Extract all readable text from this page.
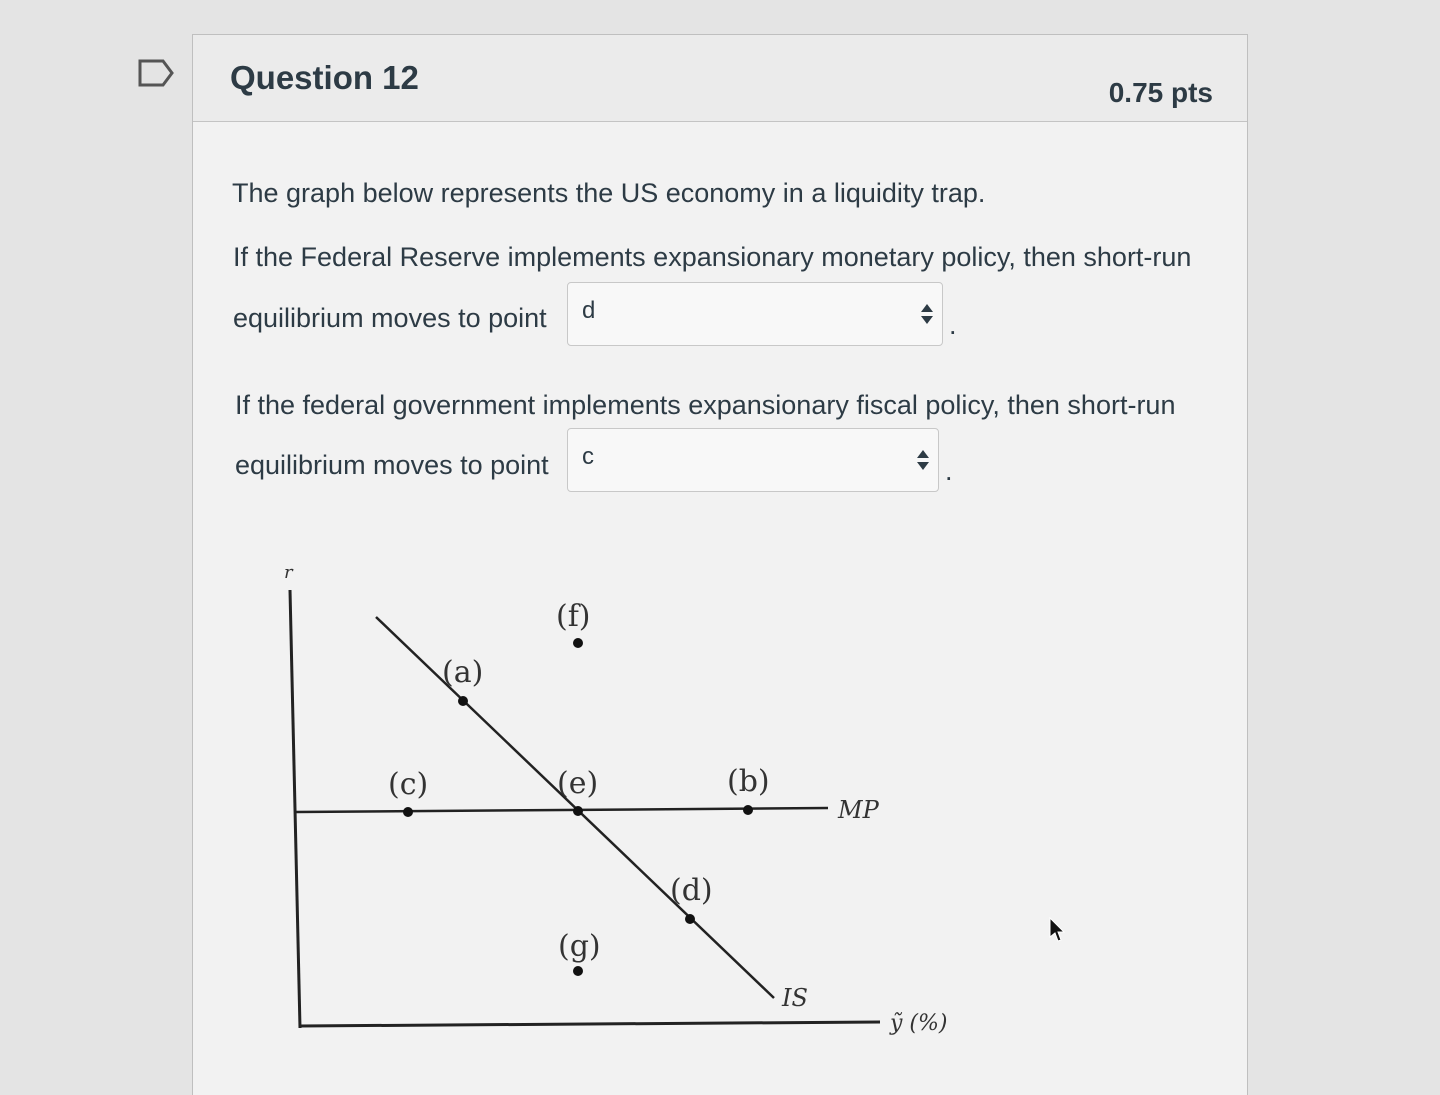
Question 12	0.75 pts
The graph below represents the US economy in a liquidity trap.
If the Federal Reserve implements expansionary monetary policy, then short-run
equilibrium moves to point d	.
If the federal government implements expansionary fiscal policy, then short-run
equilibrium moves to point c	.
r
ỹ (%)
MP
IS
(f)
(a)
(c)	(e)	(b)
(d)
(g)
